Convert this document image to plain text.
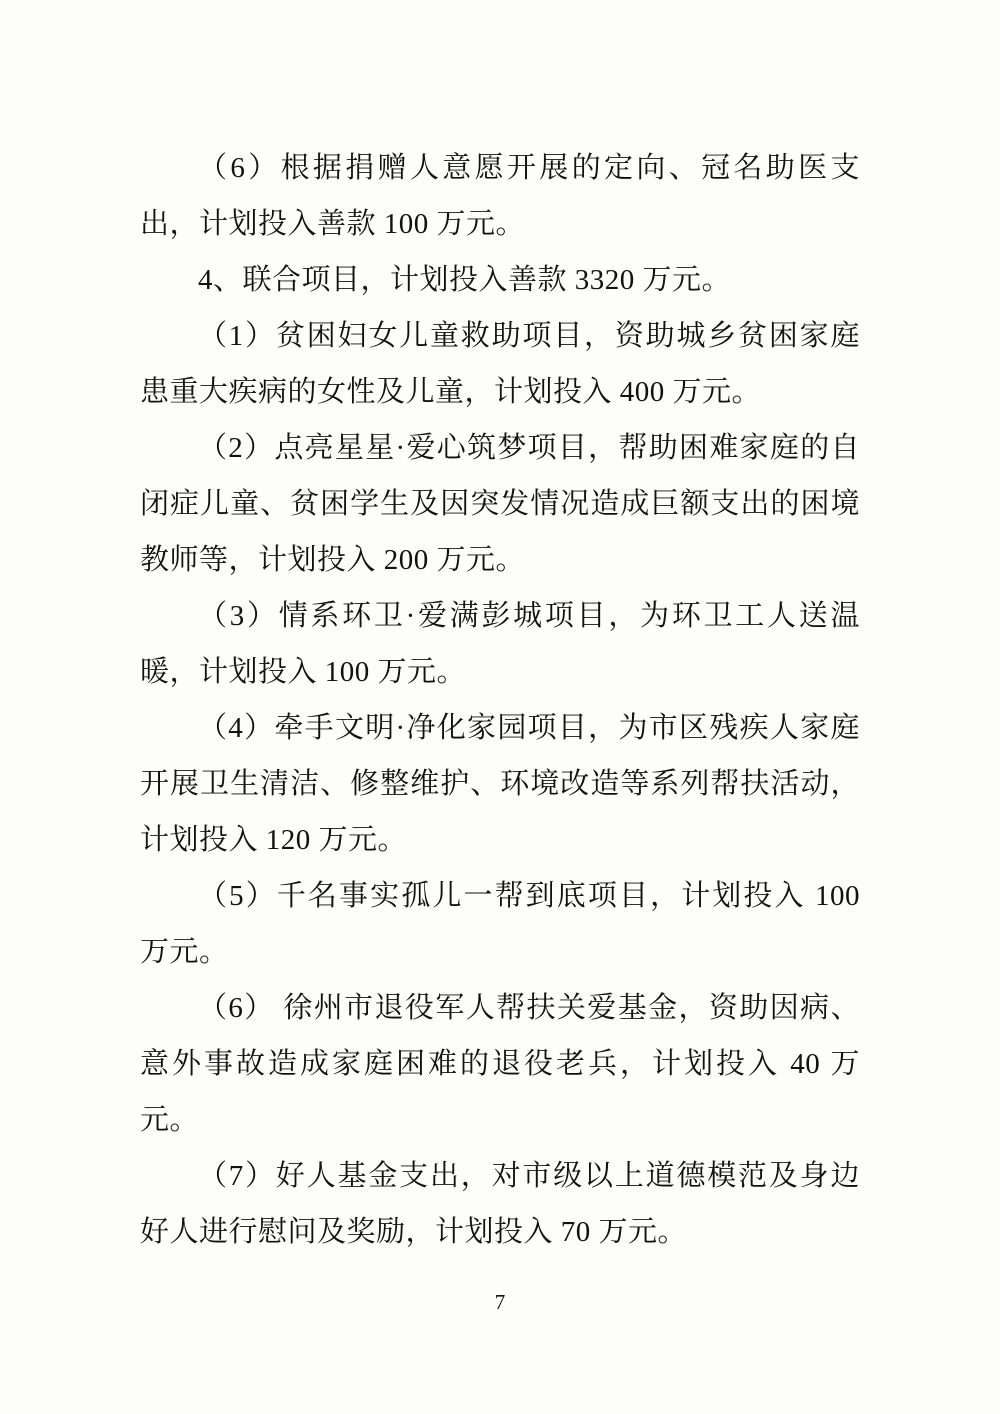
（6）根据捐赠人意愿开展的定向、冠名助医支出，计划投入善款 100 万元。

4、联合项目，计划投入善款 3320 万元。

（1）贫困妇女儿童救助项目，资助城乡贫困家庭患重大疾病的女性及儿童，计划投入 400 万元。

（2）点亮星星·爱心筑梦项目，帮助困难家庭的自闭症儿童、贫困学生及因突发情况造成巨额支出的困境教师等，计划投入 200 万元。

（3）情系环卫·爱满彭城项目，为环卫工人送温暖，计划投入 100 万元。

（4）牵手文明·净化家园项目，为市区残疾人家庭开展卫生清洁、修整维护、环境改造等系列帮扶活动，计划投入 120 万元。

（5）千名事实孤儿一帮到底项目，计划投入 100 万元。

（6） 徐州市退役军人帮扶关爱基金，资助因病、意外事故造成家庭困难的退役老兵，计划投入 40 万元。

（7）好人基金支出，对市级以上道德模范及身边好人进行慰问及奖励，计划投入 70 万元。

7
